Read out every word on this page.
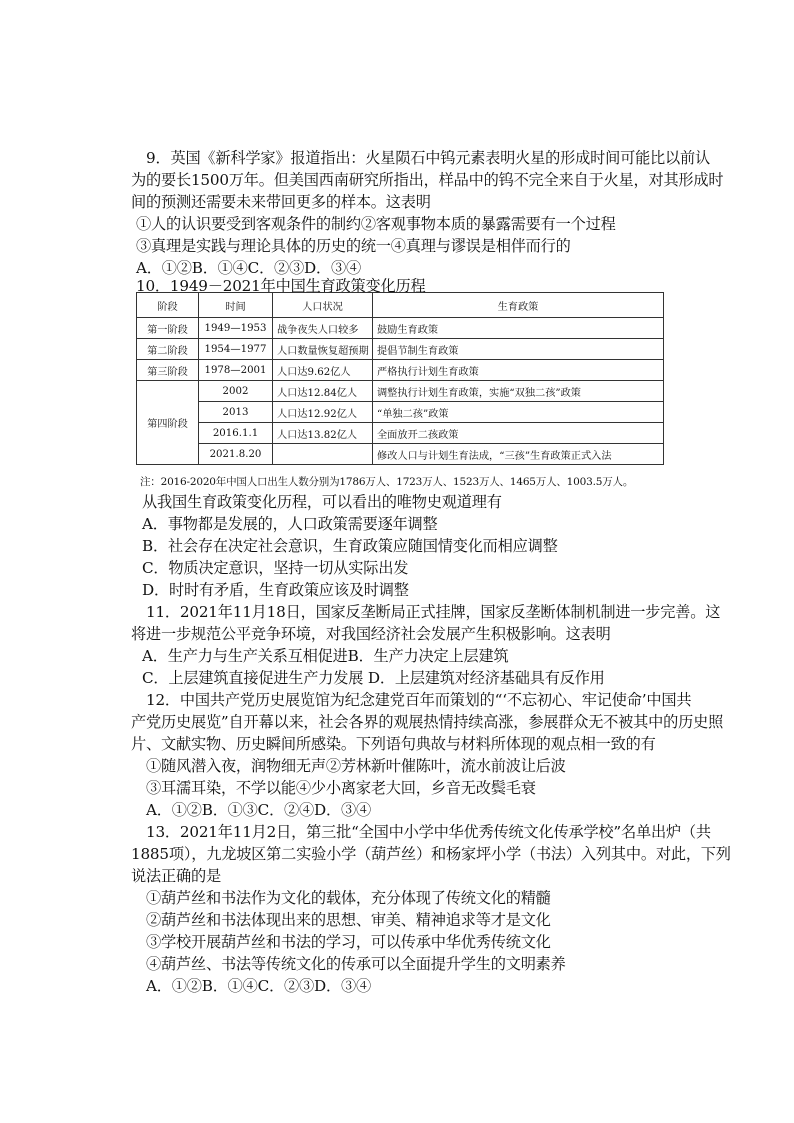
9．英国《新科学家》报道指出：火星陨石中钨元素表明火星的形成时间可能比以前认
为的要长1500万年。但美国西南研究所指出，样品中的钨不完全来自于火星，对其形成时
间的预测还需要未来带回更多的样本。这表明
①人的认识要受到客观条件的制约②客观事物本质的暴露需要有一个过程
③真理是实践与理论具体的历史的统一④真理与谬误是相伴而行的
A．①②B．①④C．②③D．③④
10．1949－2021年中国生育政策变化历程
阶段	时间	人口状况	生育政策
第一阶段	1949—1953	战争夜失人口较多	鼓励生育政策
第二阶段	1954—1977	人口数量恢复超预期	提倡节制生育政策
第三阶段	1978—2001	人口达9.62亿人	严格执行计划生育政策
第四阶段	2002	人口达12.84亿人	调整执行计划生育政策，实施“双独二孩”政策
	2013	人口达12.92亿人	“单独二孩”政策
	2016.1.1	人口达13.82亿人	全面放开二孩政策
	2021.8.20		修改人口与计划生育法成，“三孩”生育政策正式入法
注：2016-2020年中国人口出生人数分别为1786万人、1723万人、1523万人、1465万人、1003.5万人。
从我国生育政策变化历程，可以看出的唯物史观道理有
A．事物都是发展的，人口政策需要逐年调整
B．社会存在决定社会意识，生育政策应随国情变化而相应调整
C．物质决定意识，坚持一切从实际出发
D．时时有矛盾，生育政策应该及时调整
11．2021年11月18日，国家反垄断局正式挂牌，国家反垄断体制机制进一步完善。这
将进一步规范公平竞争环境，对我国经济社会发展产生积极影响。这表明
A．生产力与生产关系互相促进B．生产力决定上层建筑
C．上层建筑直接促进生产力发展 D．上层建筑对经济基础具有反作用
12．中国共产党历史展览馆为纪念建党百年而策划的“‘不忘初心、牢记使命’中国共
产党历史展览”自开幕以来，社会各界的观展热情持续高涨，参展群众无不被其中的历史照
片、文献实物、历史瞬间所感染。下列语句典故与材料所体现的观点相一致的有
①随风潜入夜，润物细无声②芳林新叶催陈叶，流水前波让后波
③耳濡耳染，不学以能④少小离家老大回，乡音无改鬓毛衰
A．①②B．①③C．②④D．③④
13．2021年11月2日，第三批“全国中小学中华优秀传统文化传承学校”名单出炉（共
1885项），九龙坡区第二实验小学（葫芦丝）和杨家坪小学（书法）入列其中。对此，下列
说法正确的是
①葫芦丝和书法作为文化的载体，充分体现了传统文化的精髓
②葫芦丝和书法体现出来的思想、审美、精神追求等才是文化
③学校开展葫芦丝和书法的学习，可以传承中华优秀传统文化
④葫芦丝、书法等传统文化的传承可以全面提升学生的文明素养
A．①②B．①④C．②③D．③④
